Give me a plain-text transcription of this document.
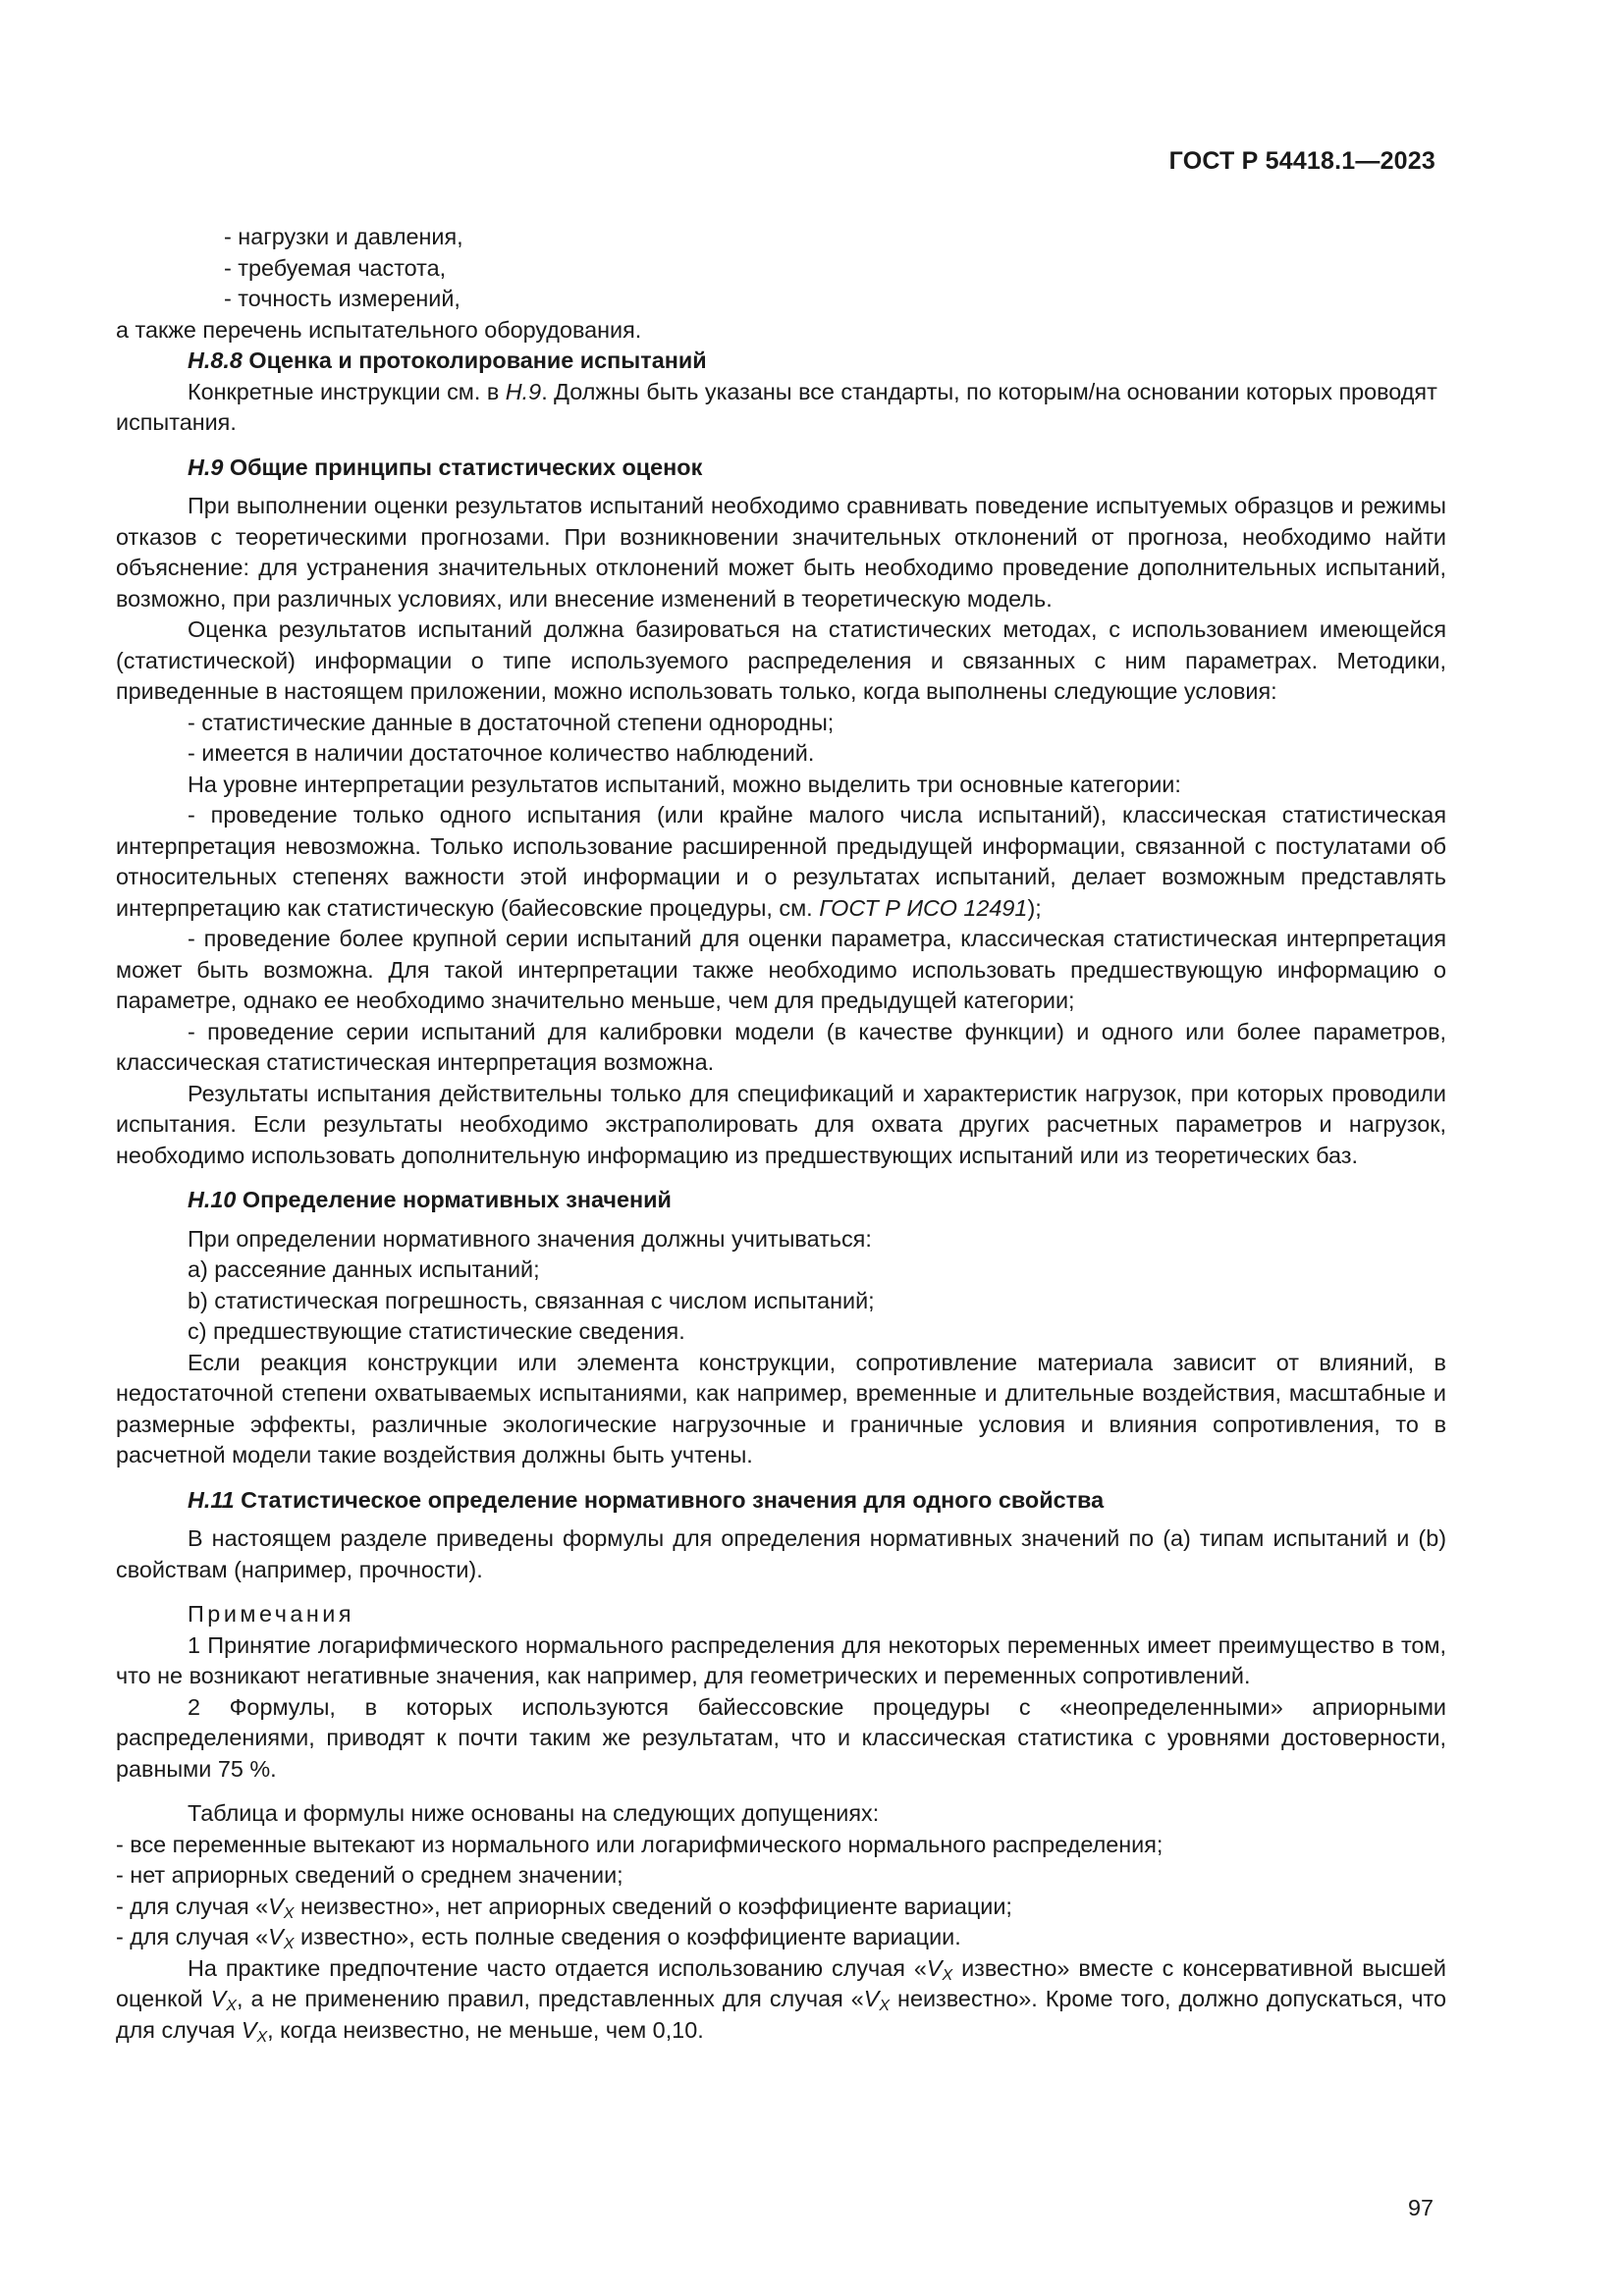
ГОСТ Р 54418.1—2023

- нагрузки и давления,

- требуемая частота,

- точность измерений,

а также перечень испытательного оборудования.

Н.8.8 Оценка и протоколирование испытаний

Конкретные инструкции см. в Н.9. Должны быть указаны все стандарты, по которым/на основании которых проводят испытания.

Н.9 Общие принципы статистических оценок

При выполнении оценки результатов испытаний необходимо сравнивать поведение испытуемых образцов и режимы отказов с теоретическими прогнозами. При возникновении значительных отклонений от прогноза, необходимо найти объяснение: для устранения значительных отклонений может быть необходимо проведение дополнительных испытаний, возможно, при различных условиях, или внесение изменений в теоретическую модель.

Оценка результатов испытаний должна базироваться на статистических методах, с использованием имеющейся (статистической) информации о типе используемого распределения и связанных с ним параметрах. Методики, приведенные в настоящем приложении, можно использовать только, когда выполнены следующие условия:

- статистические данные в достаточной степени однородны;

- имеется в наличии достаточное количество наблюдений.

На уровне интерпретации результатов испытаний, можно выделить три основные категории:

- проведение только одного испытания (или крайне малого числа испытаний), классическая статистическая интерпретация невозможна. Только использование расширенной предыдущей информации, связанной с постулатами об относительных степенях важности этой информации и о результатах испытаний, делает возможным представлять интерпретацию как статистическую (байесовские процедуры, см. ГОСТ Р ИСО 12491);

- проведение более крупной серии испытаний для оценки параметра, классическая статистическая интерпретация может быть возможна. Для такой интерпретации также необходимо использовать предшествующую информацию о параметре, однако ее необходимо значительно меньше, чем для предыдущей категории;

- проведение серии испытаний для калибровки модели (в качестве функции) и одного или более параметров, классическая статистическая интерпретация возможна.

Результаты испытания действительны только для спецификаций и характеристик нагрузок, при которых проводили испытания. Если результаты необходимо экстраполировать для охвата других расчетных параметров и нагрузок, необходимо использовать дополнительную информацию из предшествующих испытаний или из теоретических баз.

Н.10 Определение нормативных значений

При определении нормативного значения должны учитываться:

a) рассеяние данных испытаний;

b) статистическая погрешность, связанная с числом испытаний;

c) предшествующие статистические сведения.

Если реакция конструкции или элемента конструкции, сопротивление материала зависит от влияний, в недостаточной степени охватываемых испытаниями, как например, временные и длительные воздействия, масштабные и размерные эффекты, различные экологические нагрузочные и граничные условия и влияния сопротивления, то в расчетной модели такие воздействия должны быть учтены.

Н.11 Статистическое определение нормативного значения для одного свойства

В настоящем разделе приведены формулы для определения нормативных значений по (a) типам испытаний и (b) свойствам (например, прочности).

Примечания

1 Принятие логарифмического нормального распределения для некоторых переменных имеет преимущество в том, что не возникают негативные значения, как например, для геометрических и переменных сопротивлений.

2 Формулы, в которых используются байессовские процедуры с «неопределенными» априорными распределениями, приводят к почти таким же результатам, что и классическая статистика с уровнями достоверности, равными 75 %.

Таблица и формулы ниже основаны на следующих допущениях:

- все переменные вытекают из нормального или логарифмического нормального распределения;

- нет априорных сведений о среднем значении;

- для случая «$V_X$ неизвестно», нет априорных сведений о коэффициенте вариации;

- для случая «$V_X$ известно», есть полные сведения о коэффициенте вариации.

На практике предпочтение часто отдается использованию случая «$V_X$ известно» вместе с консервативной высшей оценкой $V_X$, а не применению правил, представленных для случая «$V_X$ неизвестно». Кроме того, должно допускаться, что для случая $V_X$, когда неизвестно, не меньше, чем 0,10.

97
